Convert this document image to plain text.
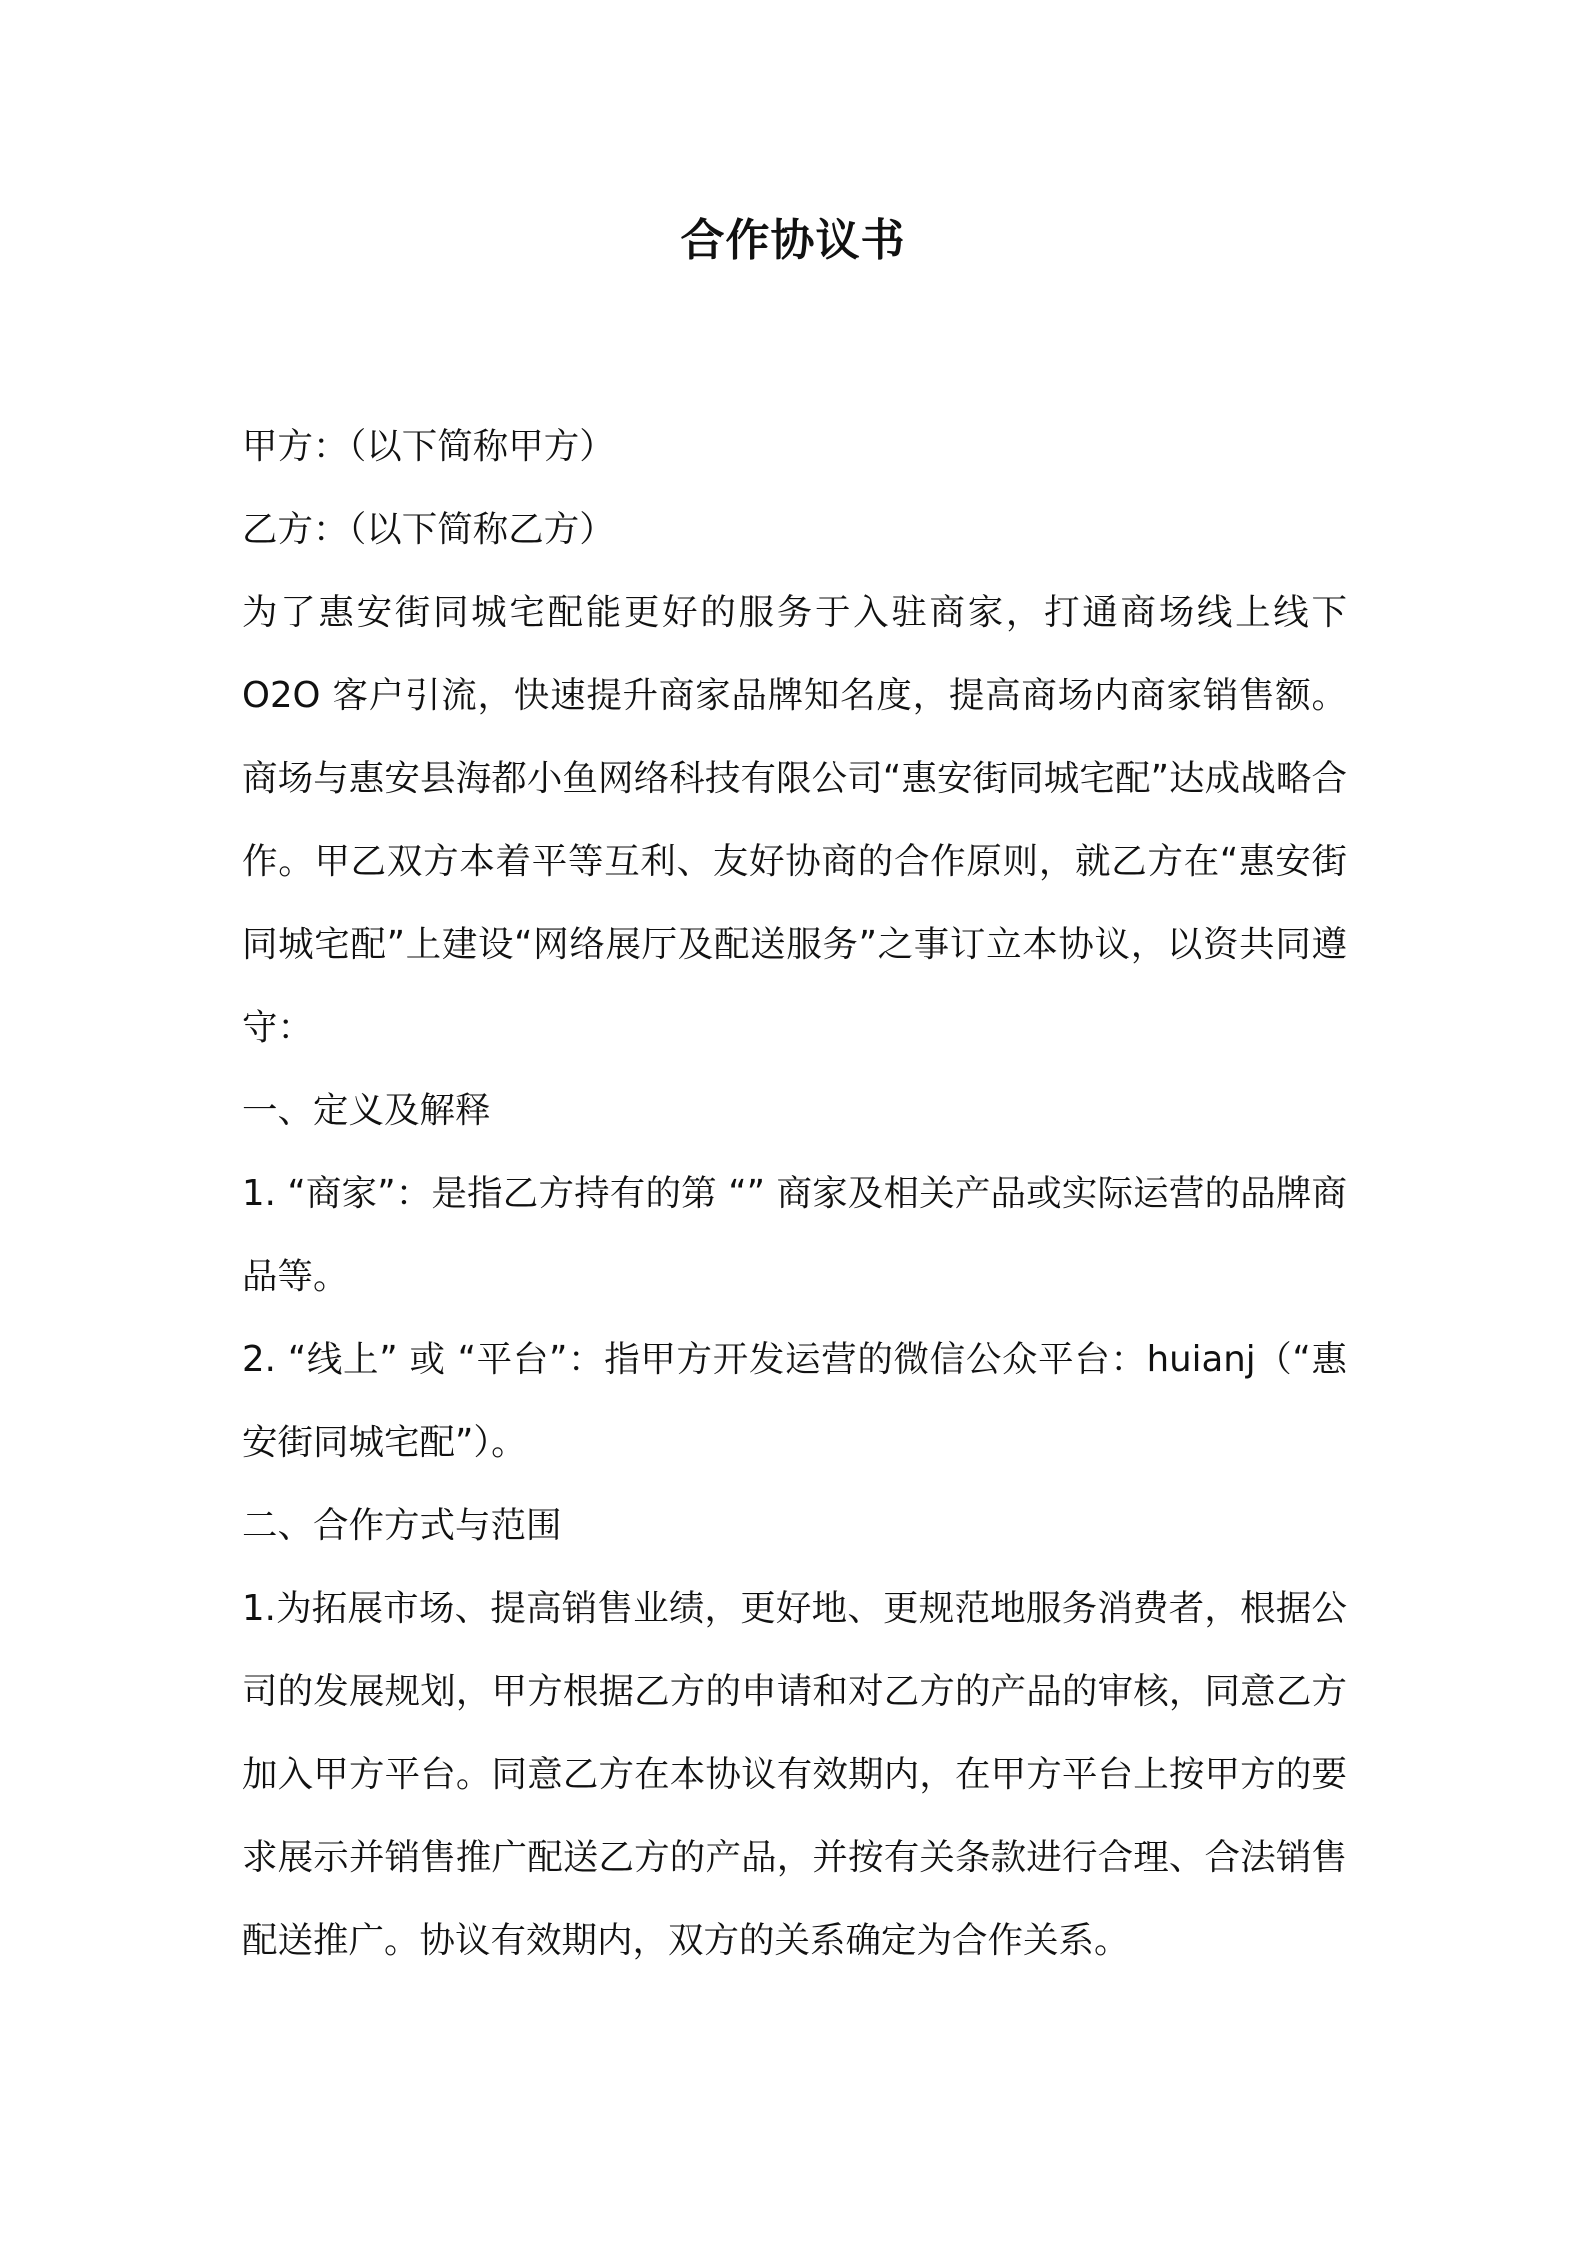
合作协议书

甲方：（以下简称甲方）

乙方：（以下简称乙方）

为了惠安街同城宅配能更好的服务于入驻商家，打通商场线上线下O2O 客户引流，快速提升商家品牌知名度，提高商场内商家销售额。商场与惠安县海都小鱼网络科技有限公司“惠安街同城宅配”达成战略合作。甲乙双方本着平等互利、友好协商的合作原则，就乙方在“惠安街同城宅配”上建设“网络展厅及配送服务”之事订立本协议，以资共同遵守：

一、定义及解释

1. “商家”：是指乙方持有的第 “” 商家及相关产品或实际运营的品牌商品等。

2. “线上” 或 “平台”：指甲方开发运营的微信公众平台：huianj（“惠安街同城宅配”）。

二、合作方式与范围

1.为拓展市场、提高销售业绩，更好地、更规范地服务消费者，根据公司的发展规划，甲方根据乙方的申请和对乙方的产品的审核，同意乙方加入甲方平台。同意乙方在本协议有效期内，在甲方平台上按甲方的要求展示并销售推广配送乙方的产品，并按有关条款进行合理、合法销售配送推广。协议有效期内，双方的关系确定为合作关系。
